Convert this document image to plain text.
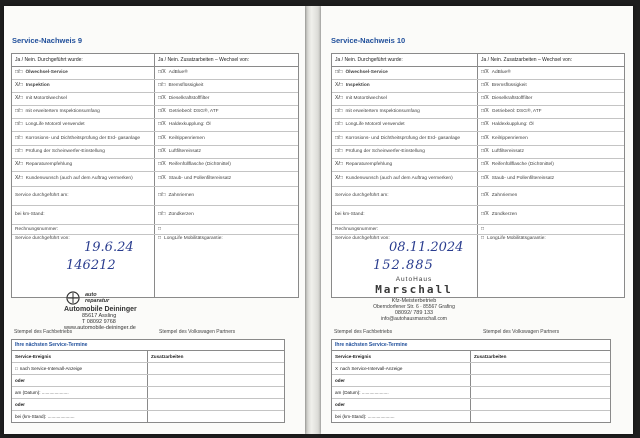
Service-Nachweis 9
Ja / Nein. Durchgeführt wurde:	Ja / Nein. Zusatzarbeiten – Wechsel von:
□/□ Ölwechsel-Service	□/X AdBlue®
X/□ Inspektion	□/□ Bremsflüssigkeit
X/□ mit Motorölwechsel	□/X Dieselkraftstofffilter
□/□ mit erweitertem Inspektionsumfang	□/X Getriebeöl: DSG®, ATF
□/□ LongLife Motoröl verwendet	□/X Haldexkupplung: Öl
□/□ Korrosions- und Dichtheitsprüfung der Erd- gasanlage	□/X Keilrippenriemen
□/□ Prüfung der Scheinwerfer-Einstellung	□/X Luftfiltereinsatz
X/□ Reparaturempfehlung	□/X Reifenfüllflasche (Dichtmittel)
X/□ Kundenwunsch (auch auf dem Auftrag vermerken)	□/X Staub- und Pollenfiltereinsatz
Service durchgeführt am:	□/□ Zahnriemen
bei km-Stand:	□/□ Zündkerzen
Rechnungsnummer:	□
Service durchgeführt von:	□ LongLife Mobilitätsgarantie:
19.6.24
146212
auto reparatur
Automobile Deininger
85617 Assling
T 08092 9768
www.automobile-deininger.de
Stempel des Fachbetriebs	Stempel des Volkswagen Partners
Ihre nächsten Service-Termine
Service-Ereignis	Zusatzarbeiten
□ nach Service-Intervall-Anzeige
oder
am (Datum): .....................
oder
bei (km-Stand): .....................
Service-Nachweis 10
Ja / Nein. Durchgeführt wurde:	Ja / Nein. Zusatzarbeiten – Wechsel von:
□/□ Ölwechsel-Service	□/X AdBlue®
X/□ Inspektion	□/X Bremsflüssigkeit
X/□ mit Motorölwechsel	□/X Dieselkraftstofffilter
□/□ mit erweitertem Inspektionsumfang	□/X Getriebeöl: DSG®, ATF
□/□ LongLife Motoröl verwendet	□/X Haldexkupplung: Öl
□/□ Korrosions- und Dichtheitsprüfung der Erd- gasanlage	□/X Keilrippenriemen
□/□ Prüfung der Scheinwerfer-Einstellung	□/X Luftfiltereinsatz
X/□ Reparaturempfehlung	□/X Reifenfüllflasche (Dichtmittel)
X/□ Kundenwunsch (auch auf dem Auftrag vermerken)	□/X Staub- und Pollenfiltereinsatz
Service durchgeführt am:	□/X Zahnriemen
bei km-Stand:	□/X Zündkerzen
Rechnungsnummer:	□
Service durchgeführt von:	□ LongLife Mobilitätsgarantie:
08.11.2024
152.885
AutoHaus
Marschall
Kfz-Meisterbetrieb
Oberndorfener Str. 6 · 85567 Grafing
08092/ 789 133
info@autohausmarschall.com
Stempel des Fachbetriebs	Stempel des Volkswagen Partners
Ihre nächsten Service-Termine
Service-Ereignis	Zusatzarbeiten
X nach Service-Intervall-Anzeige
oder
am (Datum): .....................
oder
bei (km-Stand): .....................
